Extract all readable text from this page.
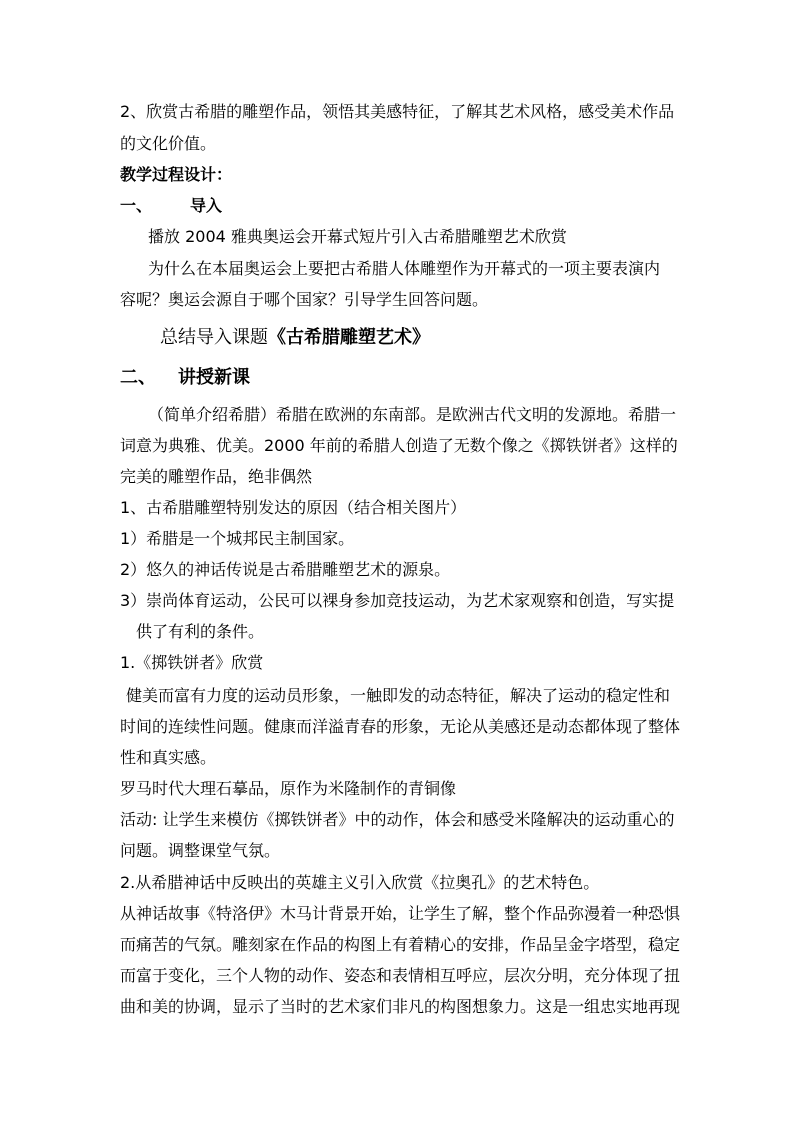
2、欣赏古希腊的雕塑作品，领悟其美感特征，了解其艺术风格，感受美术作品
的文化价值。
教学过程设计：
一、 导入
播放 2004 雅典奥运会开幕式短片引入古希腊雕塑艺术欣赏
为什么在本届奥运会上要把古希腊人体雕塑作为开幕式的一项主要表演内
容呢？奥运会源自于哪个国家？引导学生回答问题。
总结导入课题《古希腊雕塑艺术》
二、 讲授新课
（简单介绍希腊）希腊在欧洲的东南部。是欧洲古代文明的发源地。希腊一
词意为典雅、优美。2000 年前的希腊人创造了无数个像之《掷铁饼者》这样的
完美的雕塑作品，绝非偶然
1、古希腊雕塑特别发达的原因（结合相关图片）
1）希腊是一个城邦民主制国家。
2）悠久的神话传说是古希腊雕塑艺术的源泉。
3）崇尚体育运动，公民可以裸身参加竞技运动，为艺术家观察和创造，写实提
供了有利的条件。
1.《掷铁饼者》欣赏
健美而富有力度的运动员形象，一触即发的动态特征，解决了运动的稳定性和
时间的连续性问题。健康而洋溢青春的形象，无论从美感还是动态都体现了整体
性和真实感。
罗马时代大理石摹品，原作为米隆制作的青铜像
活动: 让学生来模仿《掷铁饼者》中的动作，体会和感受米隆解决的运动重心的
问题。调整课堂气氛。
2.从希腊神话中反映出的英雄主义引入欣赏《拉奥孔》的艺术特色。
从神话故事《特洛伊》木马计背景开始，让学生了解，整个作品弥漫着一种恐惧
而痛苦的气氛。雕刻家在作品的构图上有着精心的安排，作品呈金字塔型，稳定
而富于变化，三个人物的动作、姿态和表情相互呼应，层次分明，充分体现了扭
曲和美的协调，显示了当时的艺术家们非凡的构图想象力。这是一组忠实地再现
